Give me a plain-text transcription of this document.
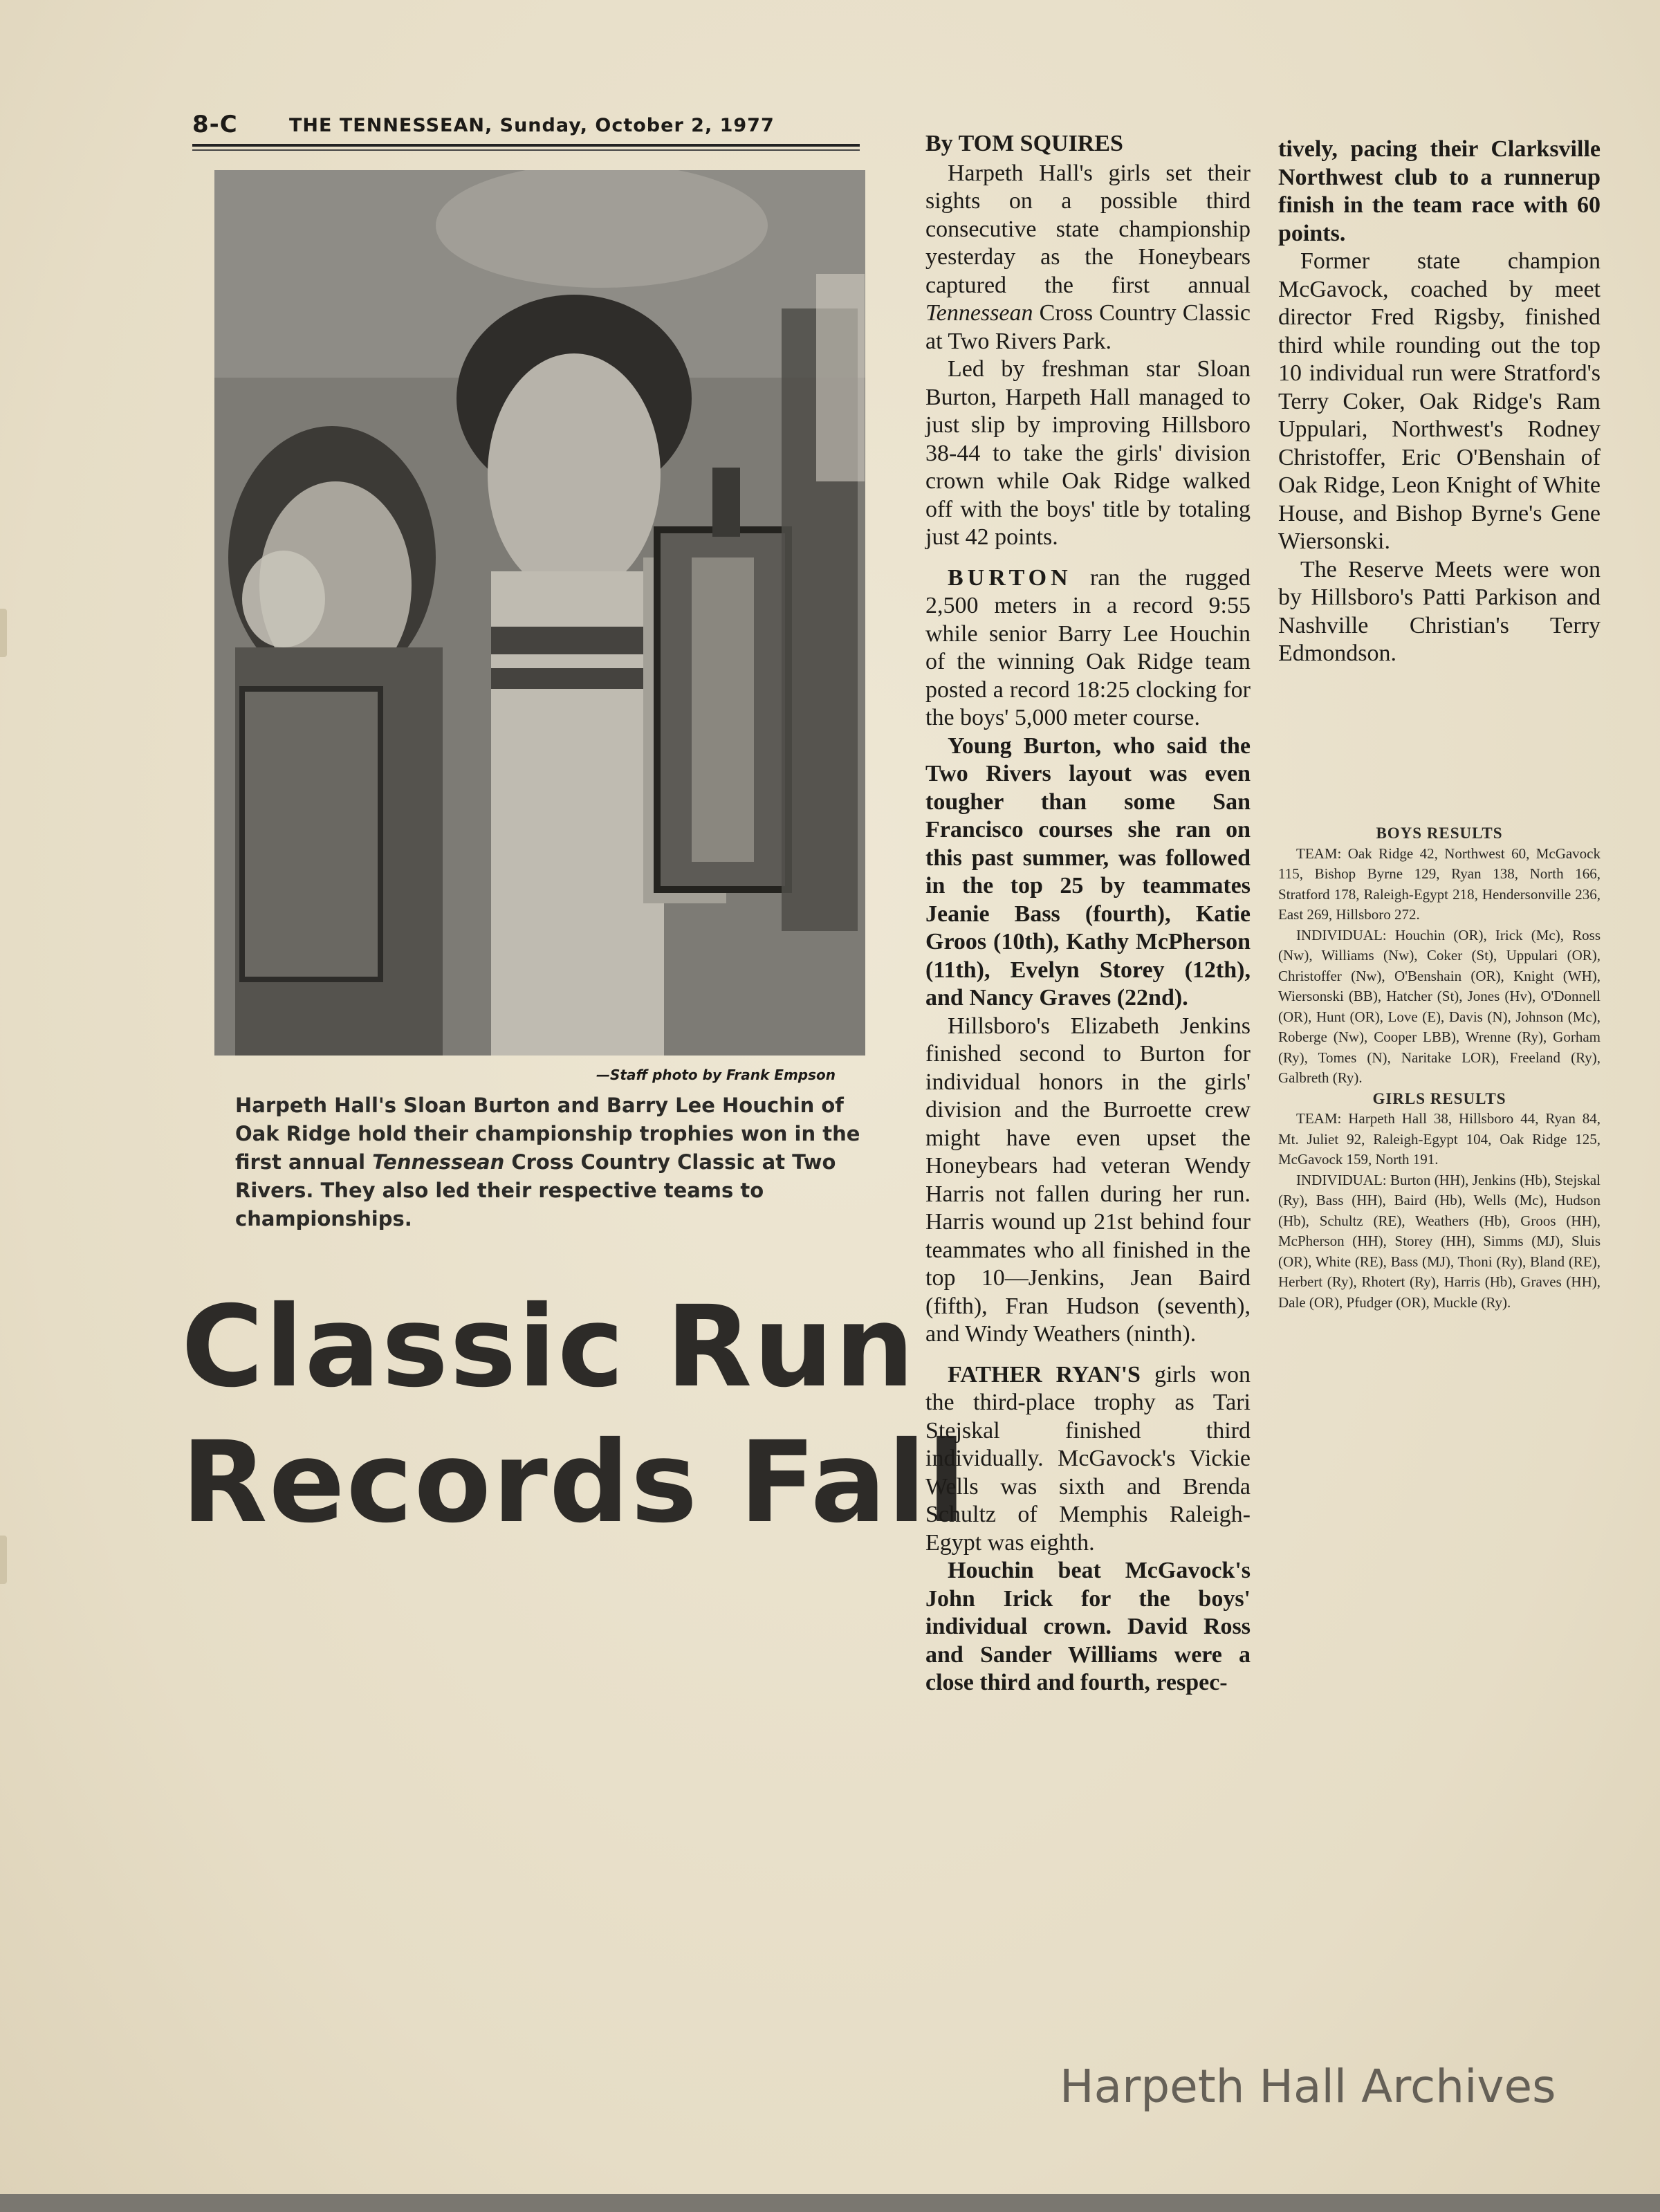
8-C	THE TENNESSEAN, Sunday, October 2, 1977
—Staff photo by Frank Empson
Harpeth Hall's Sloan Burton and Barry Lee Houchin of Oak Ridge hold their championship trophies won in the first annual Tennessean Cross Country Classic at Two Rivers. They also led their respective teams to championships.
Classic Run
Records Fall

By TOM SQUIRES

Harpeth Hall's girls set their sights on a possible third consecutive state championship yesterday as the Honeybears captured the first annual Tennessean Cross Country Classic at Two Rivers Park.

Led by freshman star Sloan Burton, Harpeth Hall managed to just slip by improving Hillsboro 38-44 to take the girls' division crown while Oak Ridge walked off with the boys' title by totaling just 42 points.

BURTON ran the rugged 2,500 meters in a record 9:55 while senior Barry Lee Houchin of the winning Oak Ridge team posted a record 18:25 clocking for the boys' 5,000 meter course.

Young Burton, who said the Two Rivers layout was even tougher than some San Francisco courses she ran on this past summer, was followed in the top 25 by teammates Jeanie Bass (fourth), Katie Groos (10th), Kathy McPherson (11th), Evelyn Storey (12th), and Nancy Graves (22nd).

Hillsboro's Elizabeth Jenkins finished second to Burton for individual honors in the girls' division and the Burroette crew might have even upset the Honeybears had veteran Wendy Harris not fallen during her run. Harris wound up 21st behind four teammates who all finished in the top 10—Jenkins, Jean Baird (fifth), Fran Hudson (seventh), and Windy Weathers (ninth).

FATHER RYAN'S girls won the third-place trophy as Tari Stejskal finished third individually. McGavock's Vickie Wells was sixth and Brenda Schultz of Memphis Raleigh-Egypt was eighth.

Houchin beat McGavock's John Irick for the boys' individual crown. David Ross and Sander Williams were a close third and fourth, respec-

tively, pacing their Clarksville Northwest club to a runnerup finish in the team race with 60 points.

Former state champion McGavock, coached by meet director Fred Rigsby, finished third while rounding out the top 10 individual run were Stratford's Terry Coker, Oak Ridge's Ram Uppulari, Northwest's Rodney Christoffer, Eric O'Benshain of Oak Ridge, Leon Knight of White House, and Bishop Byrne's Gene Wiersonski.

The Reserve Meets were won by Hillsboro's Patti Parkison and Nashville Christian's Terry Edmondson.

BOYS RESULTS

TEAM: Oak Ridge 42, Northwest 60, McGavock 115, Bishop Byrne 129, Ryan 138, North 166, Stratford 178, Raleigh-Egypt 218, Hendersonville 236, East 269, Hillsboro 272.

INDIVIDUAL: Houchin (OR), Irick (Mc), Ross (Nw), Williams (Nw), Coker (St), Uppulari (OR), Christoffer (Nw), O'Benshain (OR), Knight (WH), Wiersonski (BB), Hatcher (St), Jones (Hv), O'Donnell (OR), Hunt (OR), Love (E), Davis (N), Johnson (Mc), Roberge (Nw), Cooper LBB), Wrenne (Ry), Gorham (Ry), Tomes (N), Naritake LOR), Freeland (Ry), Galbreth (Ry).

GIRLS RESULTS

TEAM: Harpeth Hall 38, Hillsboro 44, Ryan 84, Mt. Juliet 92, Raleigh-Egypt 104, Oak Ridge 125, McGavock 159, North 191.

INDIVIDUAL: Burton (HH), Jenkins (Hb), Stejskal (Ry), Bass (HH), Baird (Hb), Wells (Mc), Hudson (Hb), Schultz (RE), Weathers (Hb), Groos (HH), McPherson (HH), Storey (HH), Simms (MJ), Sluis (OR), White (RE), Bass (MJ), Thoni (Ry), Bland (RE), Herbert (Ry), Rhotert (Ry), Harris (Hb), Graves (HH), Dale (OR), Pfudger (OR), Muckle (Ry).

Harpeth Hall Archives
